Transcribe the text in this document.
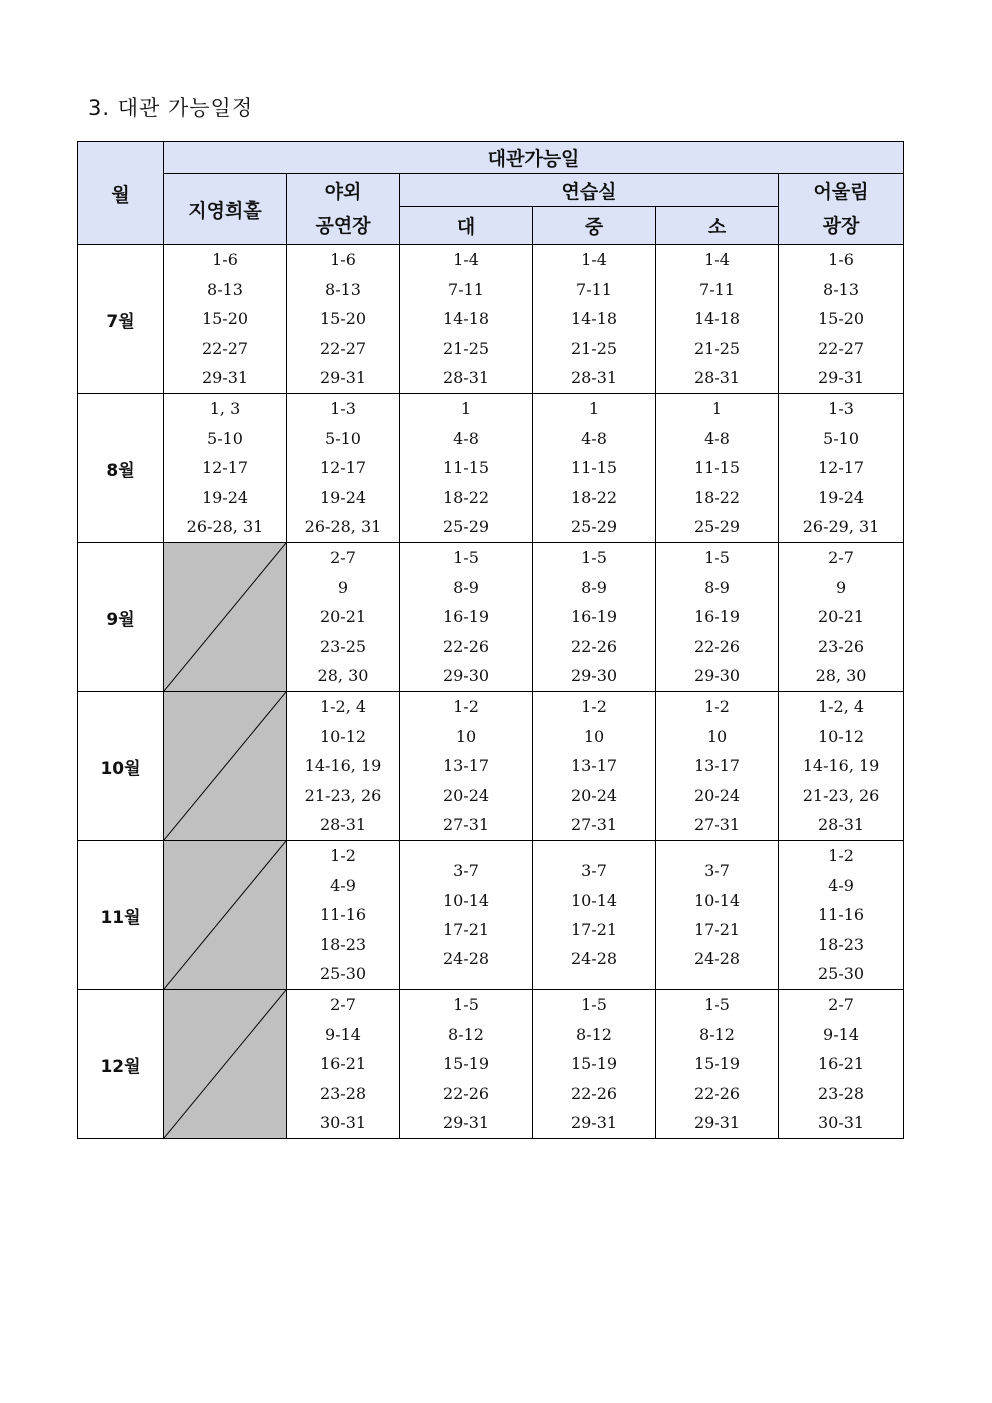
3. 대관 가능일정
월	대관가능일					
	지영희홀	야외
공연장	연습실			어울림
광장

			대	중	소	
7월	1-6
8-13
15-20
22-27
29-31	1-6
8-13
15-20
22-27
29-31	1-4
7-11
14-18
21-25
28-31	1-4
7-11
14-18
21-25
28-31	1-4
7-11
14-18
21-25
28-31	1-6
8-13
15-20
22-27
29-31

8월	1, 3
5-10
12-17
19-24
26-28, 31	1-3
5-10
12-17
19-24
26-28, 31	1
4-8
11-15
18-22
25-29	1
4-8
11-15
18-22
25-29	1
4-8
11-15
18-22
25-29	1-3
5-10
12-17
19-24
26-29, 31

9월		2-7
9
20-21
23-25
28, 30	1-5
8-9
16-19
22-26
29-30	1-5
8-9
16-19
22-26
29-30	1-5
8-9
16-19
22-26
29-30	2-7
9
20-21
23-26
28, 30

10월		1-2, 4
10-12
14-16, 19
21-23, 26
28-31	1-2
10
13-17
20-24
27-31	1-2
10
13-17
20-24
27-31	1-2
10
13-17
20-24
27-31	1-2, 4
10-12
14-16, 19
21-23, 26
28-31

11월		1-2
4-9
11-16
18-23
25-30	3-7
10-14
17-21
24-28	3-7
10-14
17-21
24-28	3-7
10-14
17-21
24-28	1-2
4-9
11-16
18-23
25-30

12월		2-7
9-14
16-21
23-28
30-31	1-5
8-12
15-19
22-26
29-31	1-5
8-12
15-19
22-26
29-31	1-5
8-12
15-19
22-26
29-31	2-7
9-14
16-21
23-28
30-31
